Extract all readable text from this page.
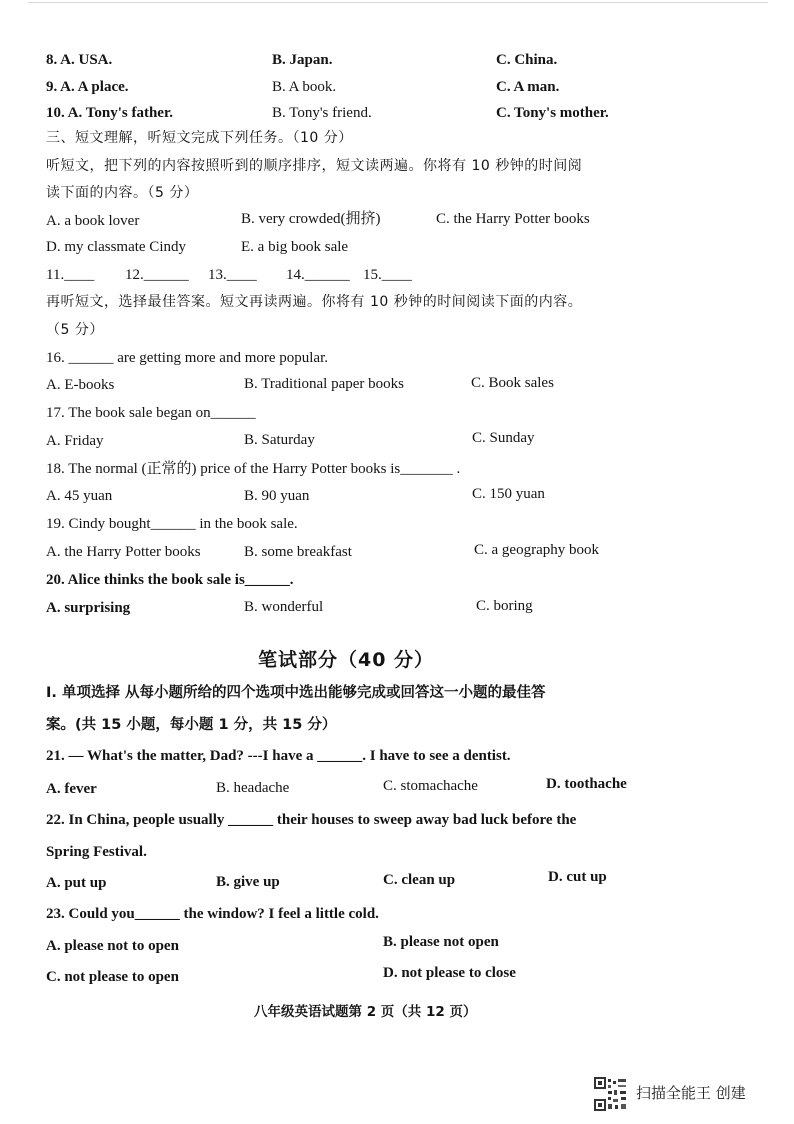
8. A. USA.	B. Japan.	C. China.
9. A. A place.	B. A book.	C. A man.
10. A. Tony's father.	B. Tony's friend.	C. Tony's mother.
三、短文理解，听短文完成下列任务。（10 分）
听短文，把下列的内容按照听到的顺序排序，短文读两遍。你将有 10 秒钟的时间阅
读下面的内容。（5 分）
A. a book lover	B. very crowded(拥挤)	C. the Harry Potter books
D. my classmate Cindy	E. a big book sale
11.____ 12.______ 13.____ 14.______ 15.____
再听短文，选择最佳答案。短文再读两遍。你将有 10 秒钟的时间阅读下面的内容。
（5 分）
16. ______ are getting more and more popular.
A. E-books	B. Traditional paper books	C. Book sales
17. The book sale began on______
A. Friday	B. Saturday	C. Sunday
18. The normal (正常的) price of the Harry Potter books is_______ .
A. 45 yuan	B. 90 yuan	C. 150 yuan
19. Cindy bought______ in the book sale.
A. the Harry Potter books	B. some breakfast	C. a geography book
20. Alice thinks the book sale is______.
A. surprising	B. wonderful	C. boring
笔试部分（40 分）
I. 单项选择 从每小题所给的四个选项中选出能够完成或回答这一小题的最佳答
案。(共 15 小题，每小题 1 分，共 15 分）
21. — What's the matter, Dad? ---I have a ______. I have to see a dentist.
A. fever	B. headache	C. stomachache	D. toothache
22. In China, people usually ______ their houses to sweep away bad luck before the
Spring Festival.
A. put up	B. give up	C. clean up	D. cut up
23. Could you______ the window? I feel a little cold.
A. please not to open	B. please not open
C. not please to open	D. not please to close
八年级英语试题第 2 页（共 12 页）
扫描全能王 创建
